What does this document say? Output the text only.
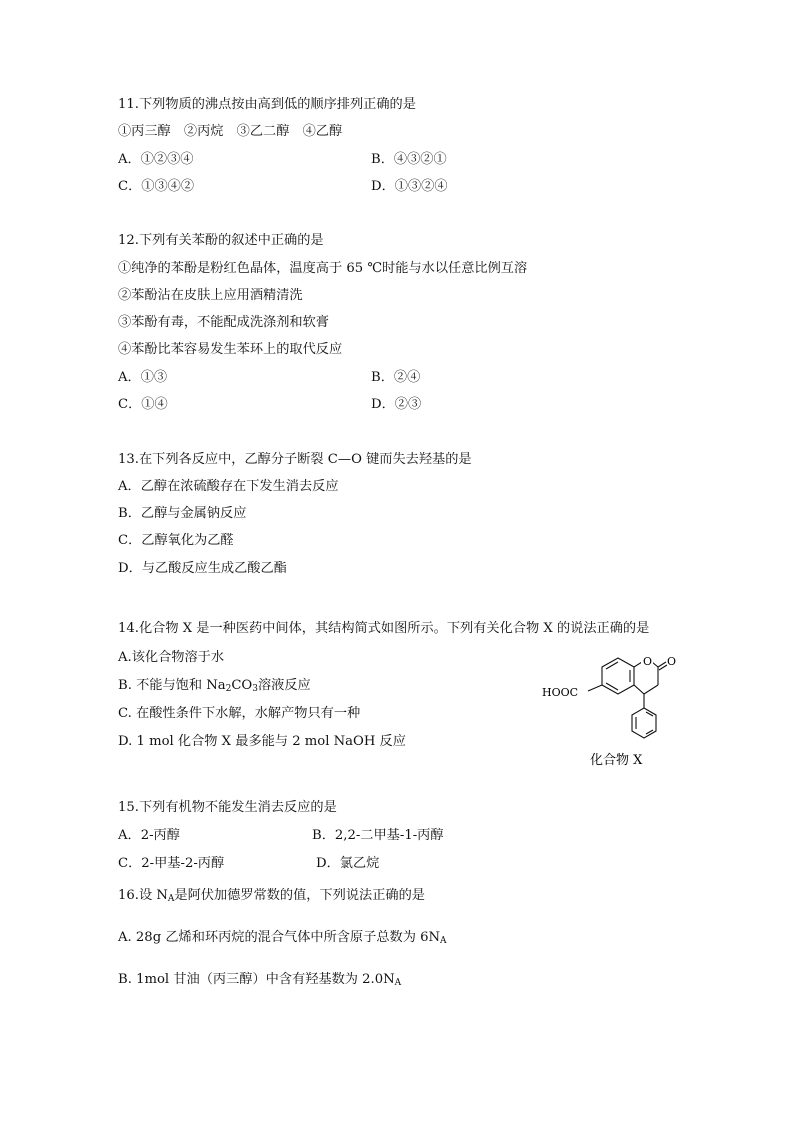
11.下列物质的沸点按由高到低的顺序排列正确的是
①丙三醇　②丙烷　③乙二醇　④乙醇
A．①②③④	B．④③②①
C．①③④②	D．①③②④
12.下列有关苯酚的叙述中正确的是
①纯净的苯酚是粉红色晶体，温度高于 65 ℃时能与水以任意比例互溶
②苯酚沾在皮肤上应用酒精清洗
③苯酚有毒，不能配成洗涤剂和软膏
④苯酚比苯容易发生苯环上的取代反应
A．①③	B．②④
C．①④	D．②③
13.在下列各反应中，乙醇分子断裂 C—O 键而失去羟基的是
A．乙醇在浓硫酸存在下发生消去反应
B．乙醇与金属钠反应
C．乙醇氧化为乙醛
D．与乙酸反应生成乙酸乙酯
14.化合物 X 是一种医药中间体，其结构简式如图所示。下列有关化合物 X 的说法正确的是
A.该化合物溶于水
B. 不能与饱和 $Na_2CO_3$溶液反应
C. 在酸性条件下水解，水解产物只有一种
D. 1 mol 化合物 X 最多能与 2 mol NaOH 反应
O O
HOOC
化合物 X
15.下列有机物不能发生消去反应的是
A．2-丙醇	B．2,2-二甲基-1-丙醇
C．2-甲基-2-丙醇	D．氯乙烷
16.设 $N_A$是阿伏加德罗常数的值，下列说法正确的是
A. 28g 乙烯和环丙烷的混合气体中所含原子总数为 $6N_A$
B. 1mol 甘油（丙三醇）中含有羟基数为 $2.0N_A$
